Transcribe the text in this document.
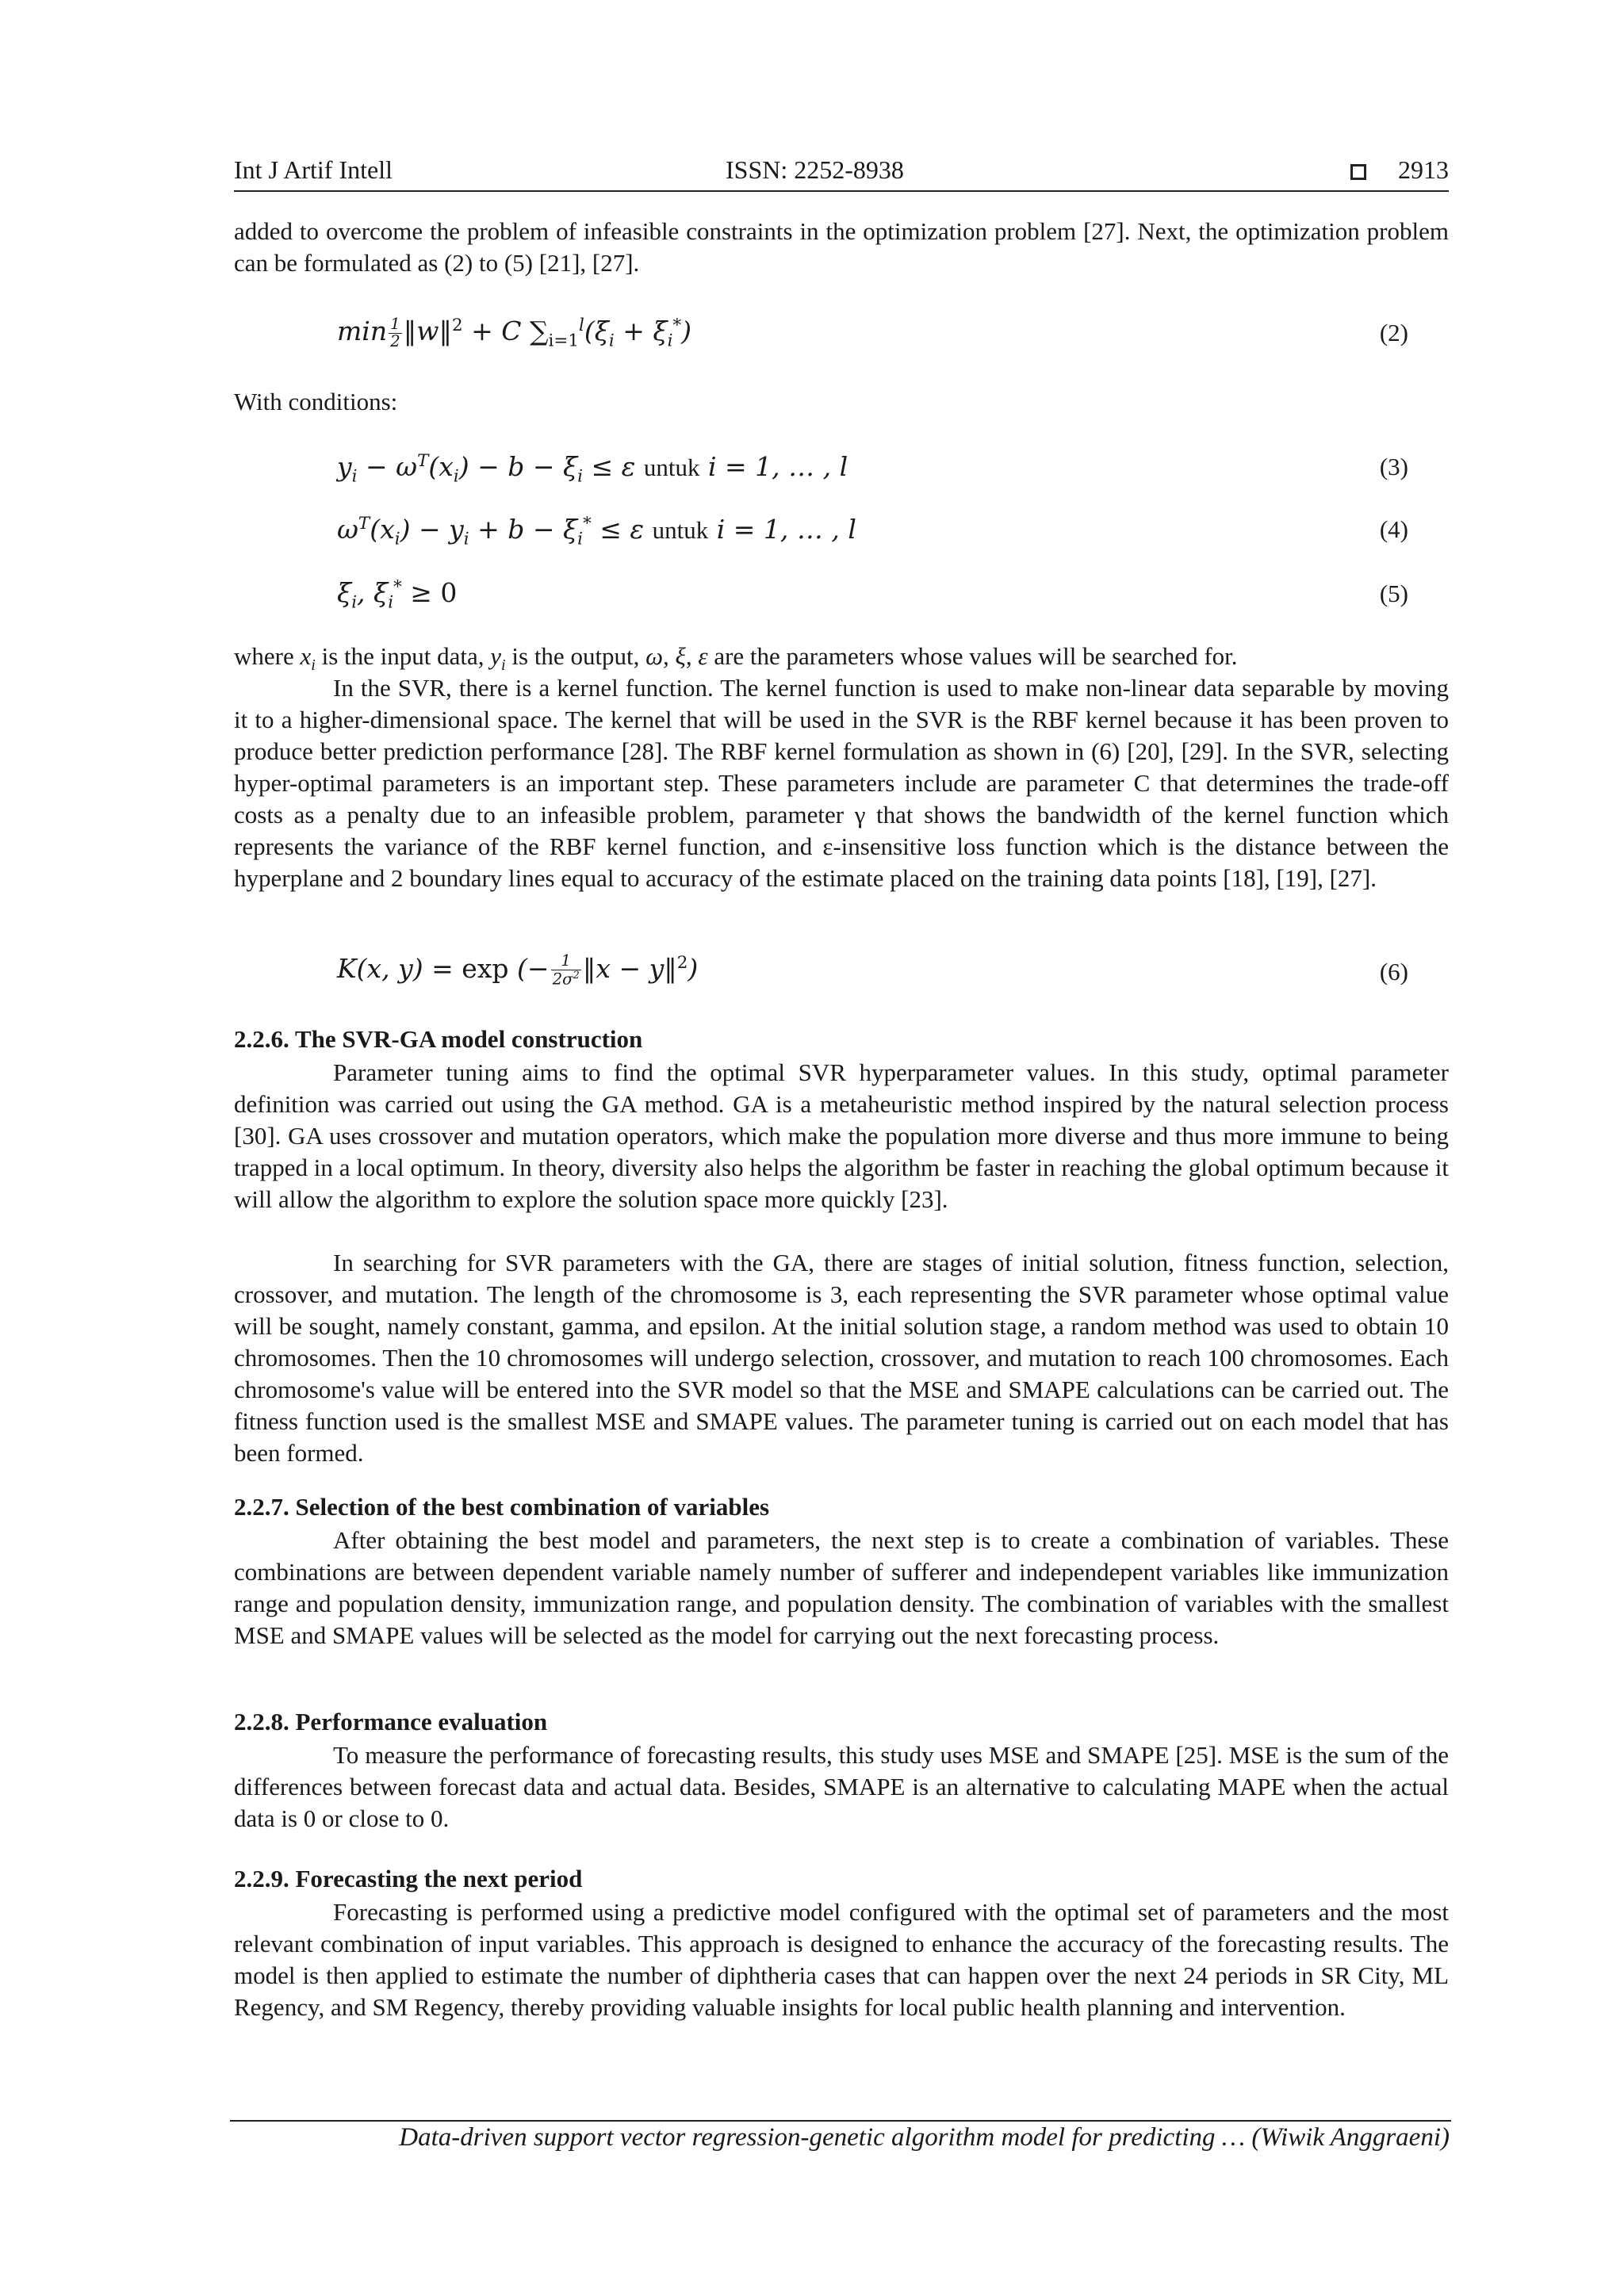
Int J Artif Intell	ISSN: 2252-8938	2913
added to overcome the problem of infeasible constraints in the optimization problem [27]. Next, the optimization problem can be formulated as (2) to (5) [21], [27].
$\min \frac{1}{2}$ ‖w‖$^2$ + C $\sum_{i=1}^l(\xi_i + \xi_i^*)$	(2)
With conditions:
$y_i - \omega^T(x_i) - b - \xi_i \le \varepsilon$ untuk i = 1, … , l	(3)
$\omega^T(x_i) - y_i + b - \xi_i^* \le \varepsilon$ untuk i = 1, … , l	(4)
$\xi_i$, $\xi_i^* \ge 0$	(5)
where $x_i$ is the input data, $y_i$ is the output, ω, ξ, ε are the parameters whose values will be searched for.
In the SVR, there is a kernel function. The kernel function is used to make non-linear data separable by moving it to a higher-dimensional space. The kernel that will be used in the SVR is the RBF kernel because it has been proven to produce better prediction performance [28]. The RBF kernel formulation as shown in (6) [20], [29]. In the SVR, selecting hyper-optimal parameters is an important step. These parameters include are parameter C that determines the trade-off costs as a penalty due to an infeasible problem, parameter γ that shows the bandwidth of the kernel function which represents the variance of the RBF kernel function, and ε-insensitive loss function which is the distance between the hyperplane and 2 boundary lines equal to accuracy of the estimate placed on the training data points [18], [19], [27].
K(x, y) = exp (− $\frac{1}{2\sigma^2}$ ‖x − y‖$^2$)	(6)
2.2.6. The SVR-GA model construction
Parameter tuning aims to find the optimal SVR hyperparameter values. In this study, optimal parameter definition was carried out using the GA method. GA is a metaheuristic method inspired by the natural selection process [30]. GA uses crossover and mutation operators, which make the population more diverse and thus more immune to being trapped in a local optimum. In theory, diversity also helps the algorithm be faster in reaching the global optimum because it will allow the algorithm to explore the solution space more quickly [23].
In searching for SVR parameters with the GA, there are stages of initial solution, fitness function, selection, crossover, and mutation. The length of the chromosome is 3, each representing the SVR parameter whose optimal value will be sought, namely constant, gamma, and epsilon. At the initial solution stage, a random method was used to obtain 10 chromosomes. Then the 10 chromosomes will undergo selection, crossover, and mutation to reach 100 chromosomes. Each chromosome's value will be entered into the SVR model so that the MSE and SMAPE calculations can be carried out. The fitness function used is the smallest MSE and SMAPE values. The parameter tuning is carried out on each model that has been formed.
2.2.7. Selection of the best combination of variables
After obtaining the best model and parameters, the next step is to create a combination of variables. These combinations are between dependent variable namely number of sufferer and independepent variables like immunization range and population density, immunization range, and population density. The combination of variables with the smallest MSE and SMAPE values will be selected as the model for carrying out the next forecasting process.
2.2.8. Performance evaluation
To measure the performance of forecasting results, this study uses MSE and SMAPE [25]. MSE is the sum of the differences between forecast data and actual data. Besides, SMAPE is an alternative to calculating MAPE when the actual data is 0 or close to 0.
2.2.9. Forecasting the next period
Forecasting is performed using a predictive model configured with the optimal set of parameters and the most relevant combination of input variables. This approach is designed to enhance the accuracy of the forecasting results. The model is then applied to estimate the number of diphtheria cases that can happen over the next 24 periods in SR City, ML Regency, and SM Regency, thereby providing valuable insights for local public health planning and intervention.
Data-driven support vector regression-genetic algorithm model for predicting … (Wiwik Anggraeni)
